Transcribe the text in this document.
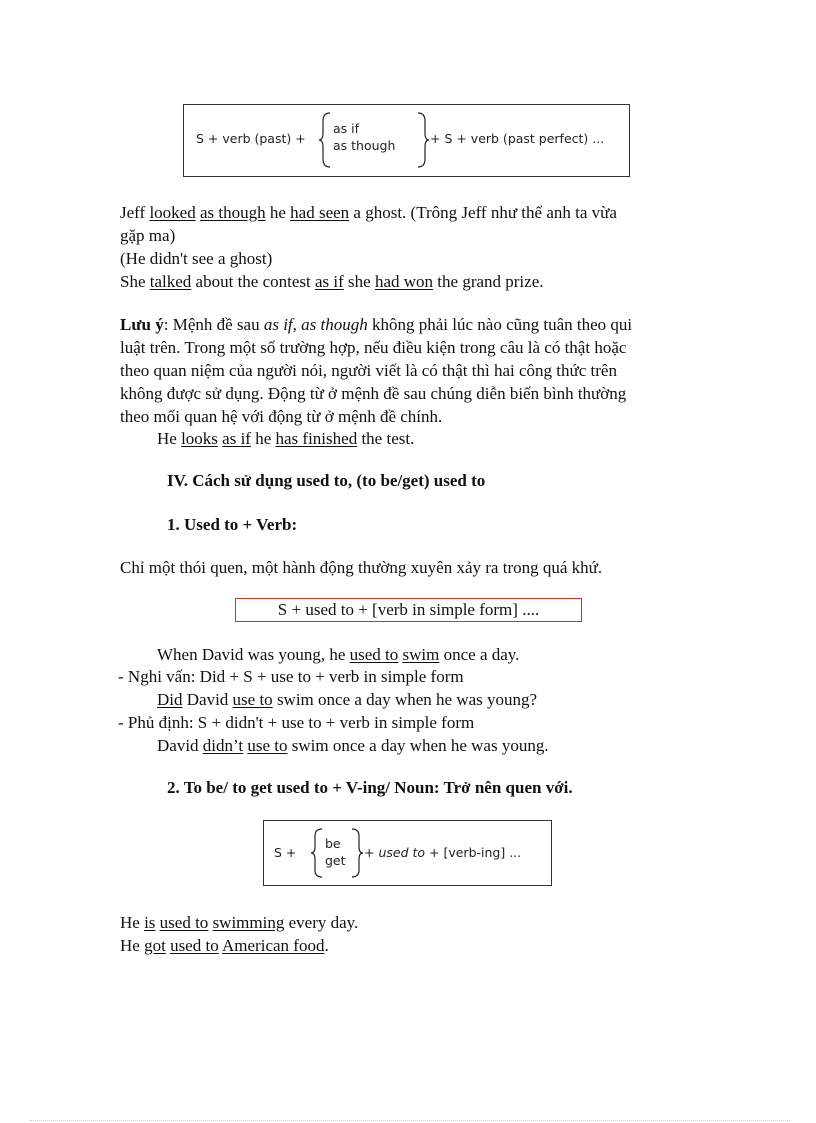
S + verb (past) +
as if
as though	+ S + verb (past perfect) ...
Jeff looked as though he had seen a ghost. (Trông Jeff như thể anh ta vừa
gặp ma)
(He didn't see a ghost)
She talked about the contest as if she had won the grand prize.
Lưu ý: Mệnh đề sau as if, as though không phải lúc nào cũng tuân theo qui
luật trên. Trong một số trường hợp, nếu điều kiện trong câu là có thật hoặc
theo quan niệm của người nói, người viết là có thật thì hai công thức trên
không được sử dụng. Động từ ở mệnh đề sau chúng diễn biến bình thường
theo mối quan hệ với động từ ở mệnh đề chính.
He looks as if he has finished the test.
IV. Cách sử dụng used to, (to be/get) used to
1. Used to + Verb:
Chỉ một thói quen, một hành động thường xuyên xảy ra trong quá khứ.
S + used to + [verb in simple form] ....
When David was young, he used to swim once a day.
- Nghi vấn: Did + S + use to + verb in simple form
Did David use to swim once a day when he was young?
- Phủ định: S + didn't + use to + verb in simple form
David didn’t use to swim once a day when he was young.
2. To be/ to get used to + V-ing/ Noun: Trở nên quen với.
S +
be
get
+ used to + [verb-ing] ...
He is used to swimming every day.
He got used to American food.
